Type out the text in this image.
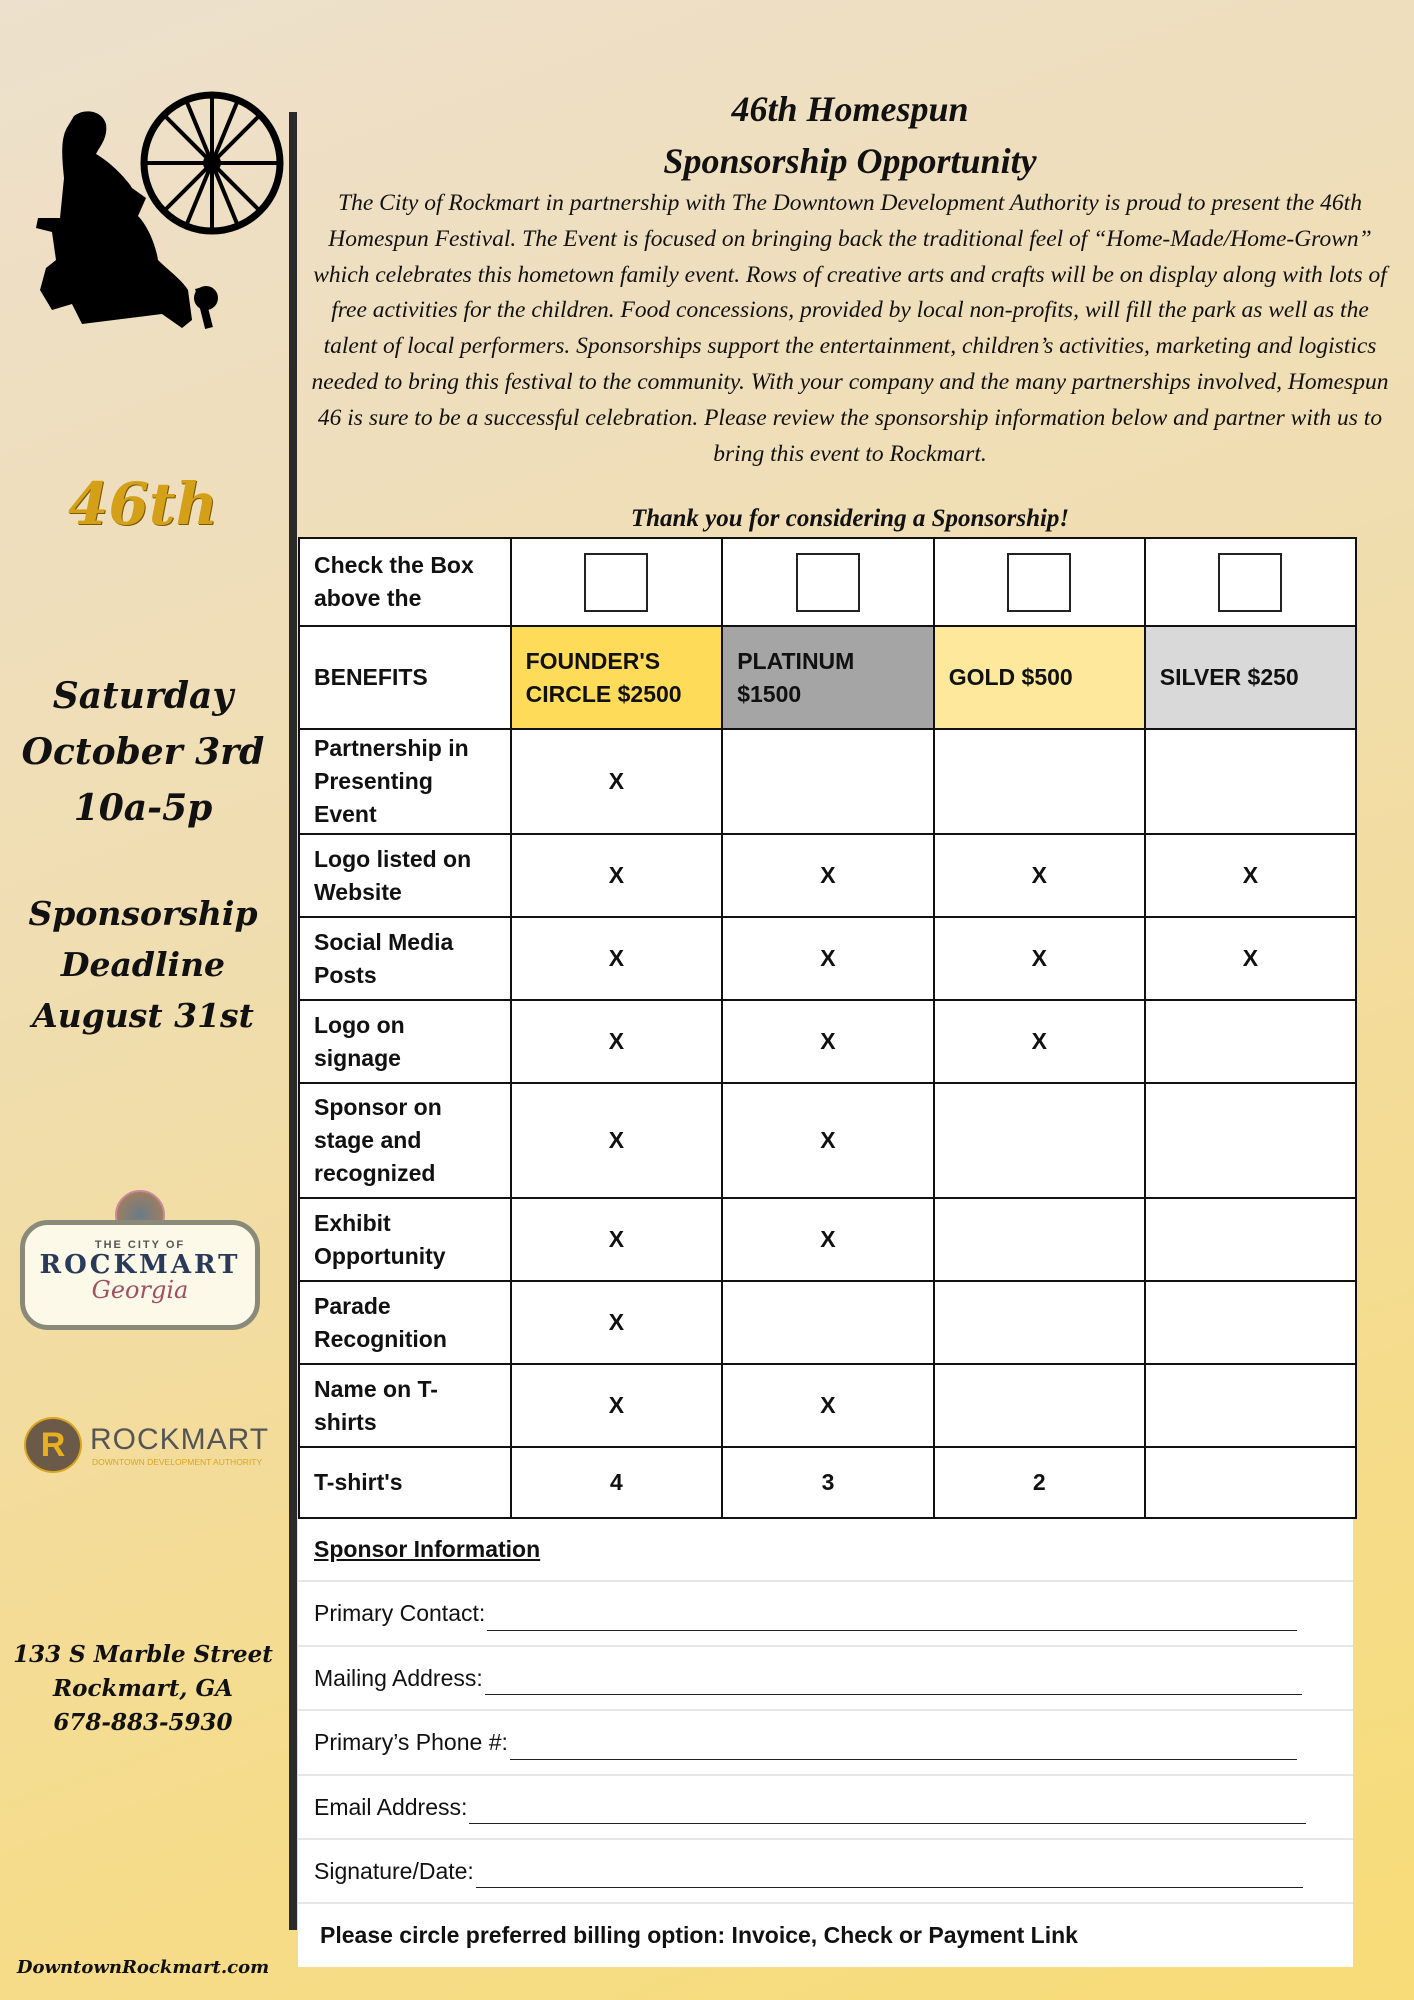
46th
Saturday
October 3rd
10a-5p
Sponsorship
Deadline
August 31st
THE CITY OF
ROCKMART
Georgia
R ROCKMART
DOWNTOWN DEVELOPMENT AUTHORITY
133 S Marble Street
Rockmart, GA
678-883-5930
DowntownRockmart.com
46th Homespun
Sponsorship Opportunity
The City of Rockmart in partnership with The Downtown Development Authority is proud to present the 46th Homespun Festival. The Event is focused on bringing back the traditional feel of “Home-Made/Home-Grown” which celebrates this hometown family event. Rows of creative arts and crafts will be on display along with lots of free activities for the children. Food concessions, provided by local non-profits, will fill the park as well as the talent of local performers. Sponsorships support the entertainment, children’s activities, marketing and logistics needed to bring this festival to the community. With your company and the many partnerships involved, Homespun 46 is sure to be a successful celebration. Please review the sponsorship information below and partner with us to bring this event to Rockmart.
Thank you for considering a Sponsorship!
Check the Box above the				
BENEFITS	FOUNDER'S CIRCLE $2500	PLATINUM $1500	GOLD $500	SILVER $250
Partnership in Presenting Event	X			
Logo listed on Website	X	X	X	X
Social Media Posts	X	X	X	X
Logo on signage	X	X	X	
Sponsor on stage and recognized	X	X		
Exhibit Opportunity	X	X		
Parade Recognition	X			
Name on T-shirts	X	X		
T-shirt's	4	3	2	
Sponsor Information
Primary Contact:
Mailing Address:
Primary’s Phone #:
Email Address:
Signature/Date:
Please circle preferred billing option: Invoice, Check or Payment Link
